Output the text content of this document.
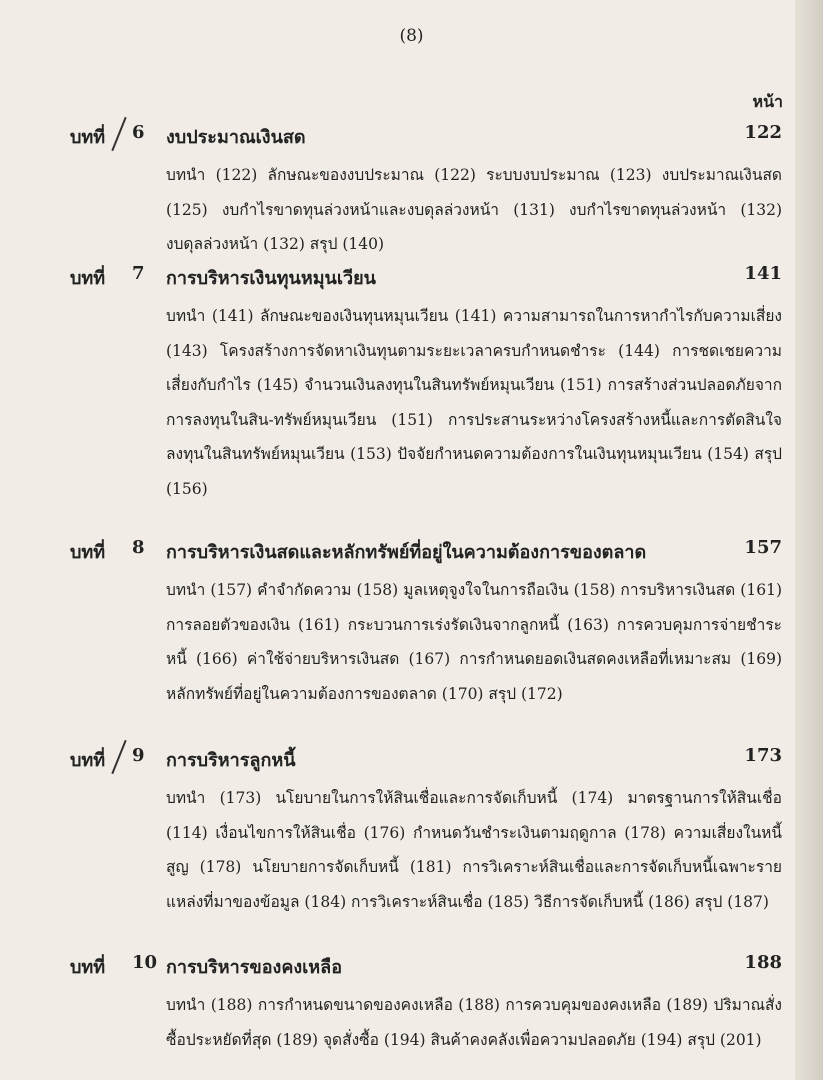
(8)
หน้า
บทที่ 6 งบประมาณเงินสด	122
บทนำ (122) ลักษณะของงบประมาณ (122) ระบบงบประมาณ (123) งบประมาณเงินสด (125) งบกำไรขาดทุนล่วงหน้าและงบดุลล่วงหน้า (131) งบกำไรขาดทุนล่วงหน้า (132) งบดุลล่วงหน้า (132) สรุป (140)
บทที่ 7 การบริหารเงินทุนหมุนเวียน	141
บทนำ (141) ลักษณะของเงินทุนหมุนเวียน (141) ความสามารถในการหากำไรกับความเสี่ยง (143) โครงสร้างการจัดหาเงินทุนตามระยะเวลาครบกำหนดชำระ (144) การชดเชยความเสี่ยงกับกำไร (145) จำนวนเงินลงทุนในสินทรัพย์หมุนเวียน (151) การสร้างส่วนปลอดภัยจากการลงทุนในสิน-ทรัพย์หมุนเวียน (151) การประสานระหว่างโครงสร้างหนี้และการตัดสินใจลงทุนในสินทรัพย์หมุนเวียน (153) ปัจจัยกำหนดความต้องการในเงินทุนหมุนเวียน (154) สรุป (156)
บทที่ 8 การบริหารเงินสดและหลักทรัพย์ที่อยู่ในความต้องการของตลาด	157
บทนำ (157) คำจำกัดความ (158) มูลเหตุจูงใจในการถือเงิน (158) การบริหารเงินสด (161) การลอยตัวของเงิน (161) กระบวนการเร่งรัดเงินจากลูกหนี้ (163) การควบคุมการจ่ายชำระหนี้ (166) ค่าใช้จ่ายบริหารเงินสด (167) การกำหนดยอดเงินสดคงเหลือที่เหมาะสม (169) หลักทรัพย์ที่อยู่ในความต้องการของตลาด (170) สรุป (172)
บทที่ 9 การบริหารลูกหนี้	173
บทนำ (173) นโยบายในการให้สินเชื่อและการจัดเก็บหนี้ (174) มาตรฐานการให้สินเชื่อ (114) เงื่อนไขการให้สินเชื่อ (176) กำหนดวันชำระเงินตามฤดูกาล (178) ความเสี่ยงในหนี้สูญ (178) นโยบายการจัดเก็บหนี้ (181) การวิเคราะห์สินเชื่อและการจัดเก็บหนี้เฉพาะราย แหล่งที่มาของข้อมูล (184) การวิเคราะห์สินเชื่อ (185) วิธีการจัดเก็บหนี้ (186) สรุป (187)
บทที่ 10 การบริหารของคงเหลือ	188
บทนำ (188) การกำหนดขนาดของคงเหลือ (188) การควบคุมของคงเหลือ (189) ปริมาณสั่งซื้อประหยัดที่สุด (189) จุดสั่งซื้อ (194) สินค้าคงคลังเพื่อความปลอดภัย (194) สรุป (201)
